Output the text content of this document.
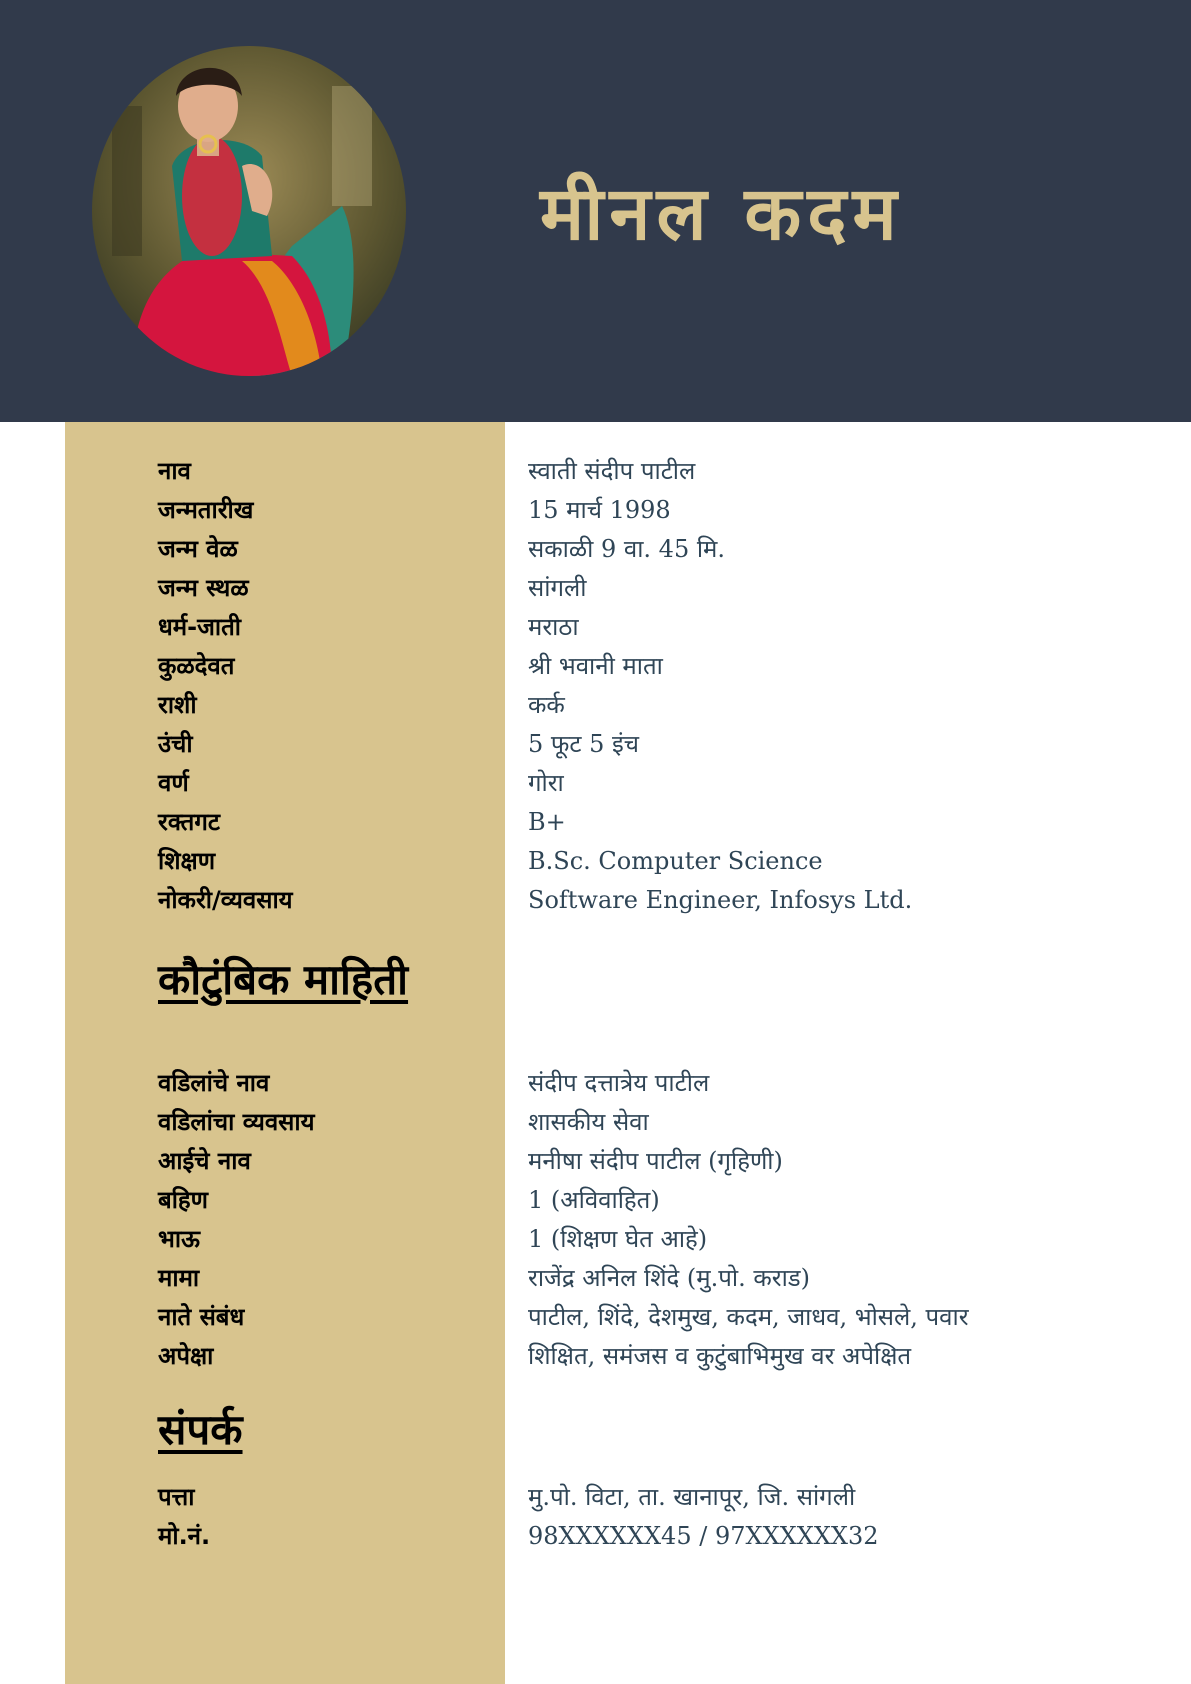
मीनल कदम
नाव	स्वाती संदीप पाटील
जन्मतारीख	15 मार्च 1998
जन्म वेळ	सकाळी 9 वा. 45 मि.
जन्म स्थळ	सांगली
धर्म-जाती	मराठा
कुळदेवत	श्री भवानी माता
राशी	कर्क
उंची	5 फूट 5 इंच
वर्ण	गोरा
रक्तगट	B+
शिक्षण	B.Sc. Computer Science
नोकरी/व्यवसाय	Software Engineer, Infosys Ltd.
कौटुंबिक माहिती
वडिलांचे नाव	संदीप दत्तात्रेय पाटील
वडिलांचा व्यवसाय	शासकीय सेवा
आईचे नाव	मनीषा संदीप पाटील (गृहिणी)
बहिण	1 (अविवाहित)
भाऊ	1 (शिक्षण घेत आहे)
मामा	राजेंद्र अनिल शिंदे (मु.पो. कराड)
नाते संबंध	पाटील, शिंदे, देशमुख, कदम, जाधव, भोसले, पवार
अपेक्षा	शिक्षित, समंजस व कुटुंबाभिमुख वर अपेक्षित
संपर्क
पत्ता	मु.पो. विटा, ता. खानापूर, जि. सांगली
मो.नं.	98XXXXXX45 / 97XXXXXX32
